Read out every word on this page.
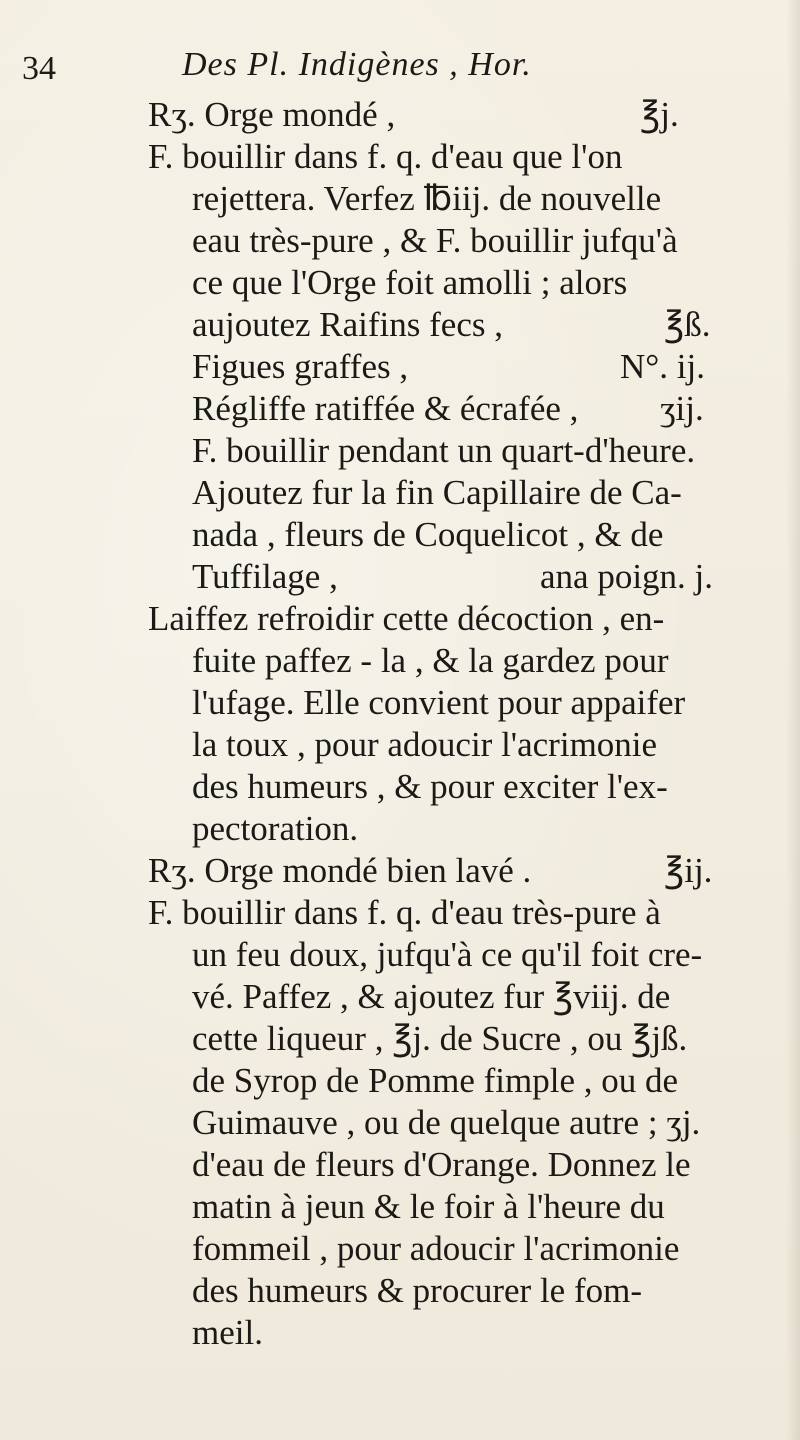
34	Des Pl. Indigènes , Hor.
Rʒ. Orge mondé ,	℥j.
F. bouillir dans f. q. d'eau que l'on
rejettera. Verfez ℔iij. de nouvelle
eau très-pure , & F. bouillir jufqu'à
ce que l'Orge foit amolli ; alors
aujoutez Raifins fecs ,	℥ß.
Figues graffes ,	N°. ij.
Régliffe ratiffée & écrafée , ʒij.
F. bouillir pendant un quart-d'heure.
Ajoutez fur la fin Capillaire de Ca-
nada , fleurs de Coquelicot , & de
Tuffilage ,	ana poign. j.
Laiffez refroidir cette décoction , en-
fuite paffez - la , & la gardez pour
l'ufage. Elle convient pour appaifer
la toux , pour adoucir l'acrimonie
des humeurs , & pour exciter l'ex-
pectoration.
Rʒ. Orge mondé bien lavé .	℥ij.
F. bouillir dans f. q. d'eau très-pure à
un feu doux, jufqu'à ce qu'il foit cre-
vé. Paffez , & ajoutez fur ℥viij. de
cette liqueur , ℥j. de Sucre , ou ℥jß.
de Syrop de Pomme fimple , ou de
Guimauve , ou de quelque autre ; ʒj.
d'eau de fleurs d'Orange. Donnez le
matin à jeun & le foir à l'heure du
fommeil , pour adoucir l'acrimonie
des humeurs & procurer le fom-
meil.
